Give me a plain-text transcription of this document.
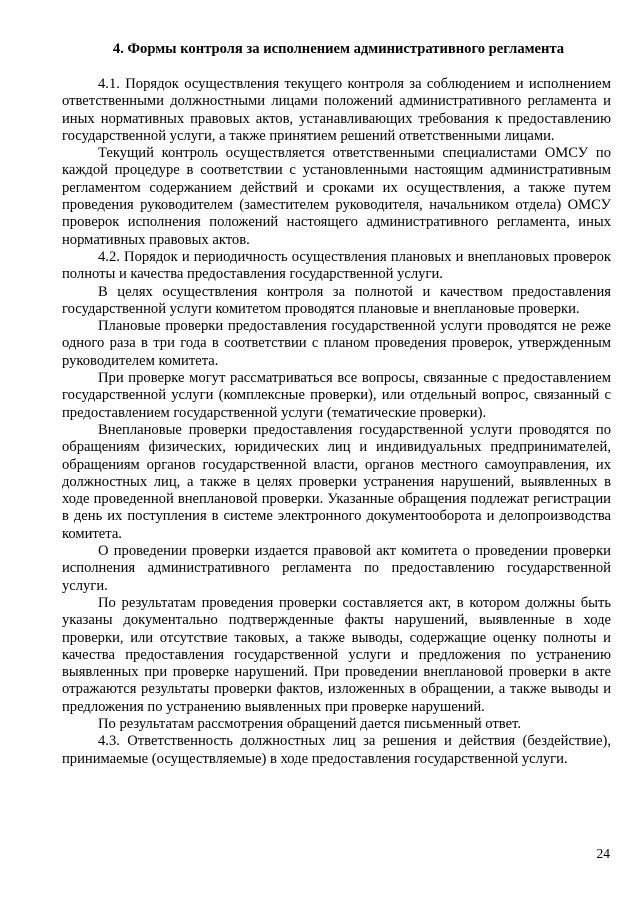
4. Формы контроля за исполнением административного регламента

4.1. Порядок осуществления текущего контроля за соблюдением и исполнением ответственными должностными лицами положений административного регламента и иных нормативных правовых актов, устанавливающих требования к предоставлению государственной услуги, а также принятием решений ответственными лицами.

Текущий контроль осуществляется ответственными специалистами ОМСУ по каждой процедуре в соответствии с установленными настоящим административным регламентом содержанием действий и сроками их осуществления, а также путем проведения руководителем (заместителем руководителя, начальником отдела) ОМСУ проверок исполнения положений настоящего административного регламента, иных нормативных правовых актов.

4.2. Порядок и периодичность осуществления плановых и внеплановых проверок полноты и качества предоставления государственной услуги.

В целях осуществления контроля за полнотой и качеством предоставления государственной услуги комитетом проводятся плановые и внеплановые проверки.

Плановые проверки предоставления государственной услуги проводятся не реже одного раза в три года в соответствии с планом проведения проверок, утвержденным руководителем комитета.

При проверке могут рассматриваться все вопросы, связанные с предоставлением государственной услуги (комплексные проверки), или отдельный вопрос, связанный с предоставлением государственной услуги (тематические проверки).

Внеплановые проверки предоставления государственной услуги проводятся по обращениям физических, юридических лиц и индивидуальных предпринимателей, обращениям органов государственной власти, органов местного самоуправления, их должностных лиц, а также в целях проверки устранения нарушений, выявленных в ходе проведенной внеплановой проверки. Указанные обращения подлежат регистрации в день их поступления в системе электронного документооборота и делопроизводства комитета.

О проведении проверки издается правовой акт комитета о проведении проверки исполнения административного регламента по предоставлению государственной услуги.

По результатам проведения проверки составляется акт, в котором должны быть указаны документально подтвержденные факты нарушений, выявленные в ходе проверки, или отсутствие таковых, а также выводы, содержащие оценку полноты и качества предоставления государственной услуги и предложения по устранению выявленных при проверке нарушений. При проведении внеплановой проверки в акте отражаются результаты проверки фактов, изложенных в обращении, а также выводы и предложения по устранению выявленных при проверке нарушений.

По результатам рассмотрения обращений дается письменный ответ.

4.3. Ответственность должностных лиц за решения и действия (бездействие), принимаемые (осуществляемые) в ходе предоставления государственной услуги.

24
